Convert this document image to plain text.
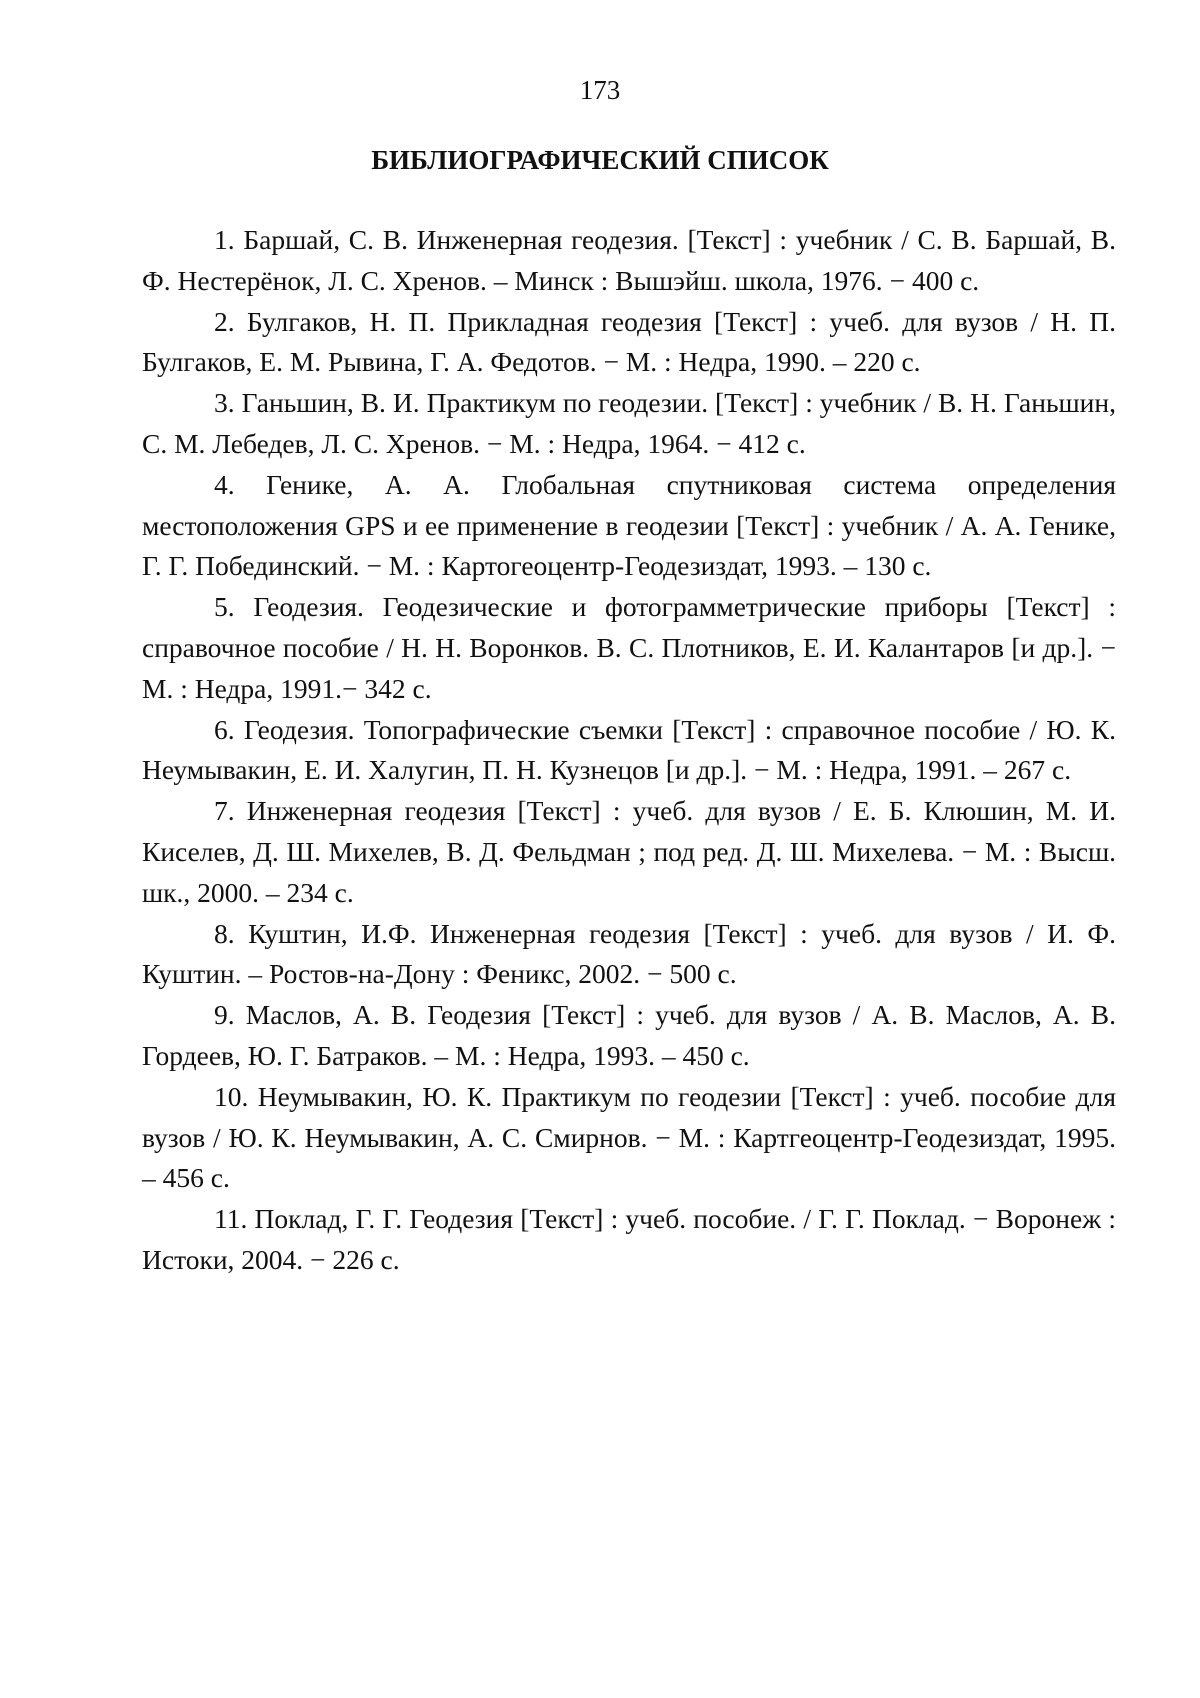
173
БИБЛИОГРАФИЧЕСКИЙ СПИСОК
1. Баршай, С. В. Инженерная геодезия. [Текст] : учебник / С. В. Баршай, В. Ф. Нестерёнок, Л. С. Хренов. – Минск : Вышэйш. школа, 1976. − 400 с.
2. Булгаков, Н. П. Прикладная геодезия [Текст] : учеб. для вузов / Н. П. Булгаков, Е. М. Рывина, Г. А. Федотов. − М. : Недра, 1990. – 220 с.
3. Ганьшин, В. И. Практикум по геодезии. [Текст] : учебник / В. Н. Ганьшин, С. М. Лебедев, Л. С. Хренов. − М. : Недра, 1964. − 412 с.
4. Генике, А. А. Глобальная спутниковая система определения местоположения GPS и ее применение в геодезии [Текст] : учебник / А. А. Генике, Г. Г. Побединский. − М. : Картогеоцентр-Геодезиздат, 1993. – 130 с.
5. Геодезия. Геодезические и фотограмметрические приборы [Текст] : справочное пособие / Н. Н. Воронков. В. С. Плотников, Е. И. Калантаров [и др.]. − М. : Недра, 1991.− 342 с.
6. Геодезия. Топографические съемки [Текст] : справочное пособие / Ю. К. Неумывакин, Е. И. Халугин, П. Н. Кузнецов [и др.]. − М. : Недра, 1991. – 267 с.
7. Инженерная геодезия [Текст] : учеб. для вузов / Е. Б. Клюшин, М. И. Киселев, Д. Ш. Михелев, В. Д. Фельдман ; под ред. Д. Ш. Михелева. − М. : Высш. шк., 2000. – 234 с.
8. Куштин, И.Ф. Инженерная геодезия [Текст] : учеб. для вузов / И. Ф. Куштин. – Ростов-на-Дону : Феникс, 2002. − 500 с.
9. Маслов, А. В. Геодезия [Текст] : учеб. для вузов / А. В. Маслов, А. В. Гордеев, Ю. Г. Батраков. – М. : Недра, 1993. – 450 с.
10. Неумывакин, Ю. К. Практикум по геодезии [Текст] : учеб. пособие для вузов / Ю. К. Неумывакин, А. С. Смирнов. − М. : Картгеоцентр-Геодезиздат, 1995. – 456 с.
11. Поклад, Г. Г. Геодезия [Текст] : учеб. пособие. / Г. Г. Поклад. − Воронеж : Истоки, 2004. − 226 с.
